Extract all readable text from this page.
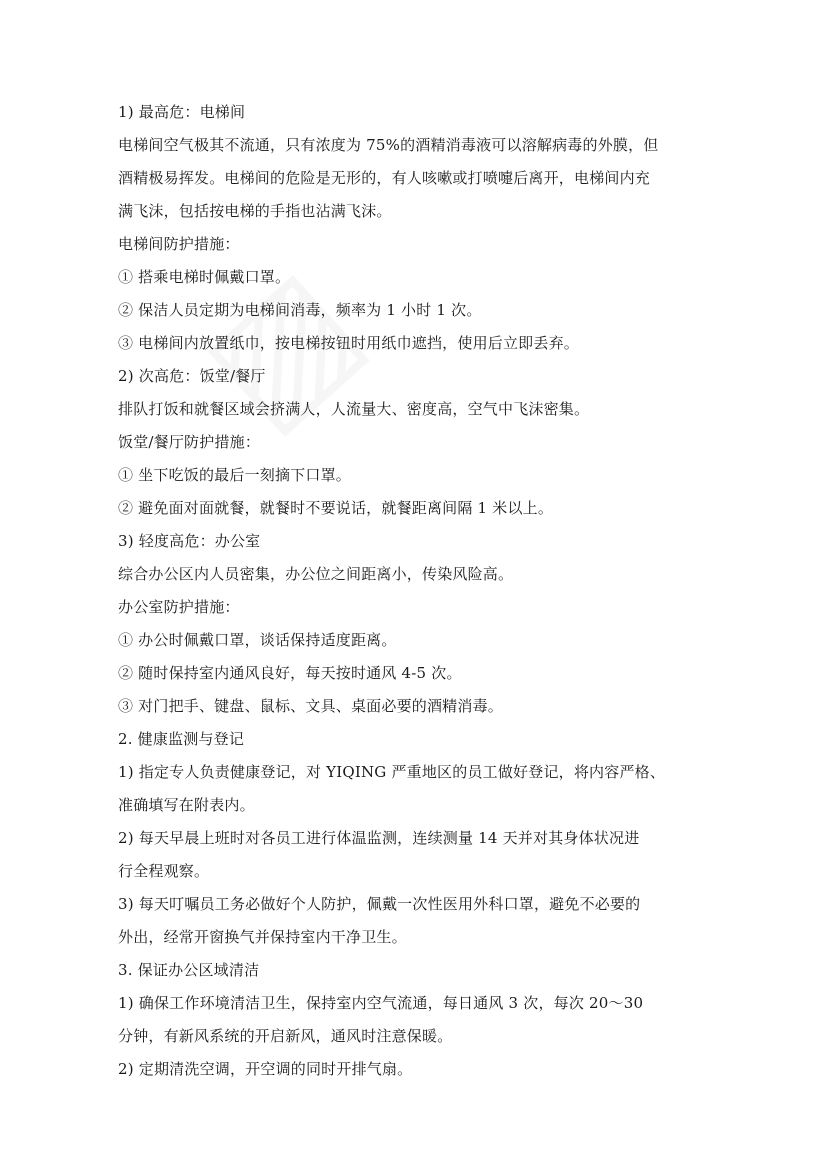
1) 最高危：电梯间
电梯间空气极其不流通，只有浓度为 75%的酒精消毒液可以溶解病毒的外膜，但
酒精极易挥发。电梯间的危险是无形的，有人咳嗽或打喷嚏后离开，电梯间内充
满飞沫，包括按电梯的手指也沾满飞沫。
电梯间防护措施：
① 搭乘电梯时佩戴口罩。
② 保洁人员定期为电梯间消毒，频率为 1 小时 1 次。
③ 电梯间内放置纸巾，按电梯按钮时用纸巾遮挡，使用后立即丢弃。
2) 次高危：饭堂/餐厅
排队打饭和就餐区域会挤满人，人流量大、密度高，空气中飞沫密集。
饭堂/餐厅防护措施：
① 坐下吃饭的最后一刻摘下口罩。
② 避免面对面就餐，就餐时不要说话，就餐距离间隔 1 米以上。
3) 轻度高危：办公室
综合办公区内人员密集，办公位之间距离小，传染风险高。
办公室防护措施：
① 办公时佩戴口罩，谈话保持适度距离。
② 随时保持室内通风良好，每天按时通风 4-5 次。
③ 对门把手、键盘、鼠标、文具、桌面必要的酒精消毒。
2. 健康监测与登记
1) 指定专人负责健康登记，对 YIQING 严重地区的员工做好登记，将内容严格、
准确填写在附表内。
2) 每天早晨上班时对各员工进行体温监测，连续测量 14 天并对其身体状况进
行全程观察。
3) 每天叮嘱员工务必做好个人防护，佩戴一次性医用外科口罩，避免不必要的
外出，经常开窗换气并保持室内干净卫生。
3. 保证办公区域清洁
1) 确保工作环境清洁卫生，保持室内空气流通，每日通风 3 次，每次 20～30
分钟，有新风系统的开启新风，通风时注意保暖。
2) 定期清洗空调，开空调的同时开排气扇。
